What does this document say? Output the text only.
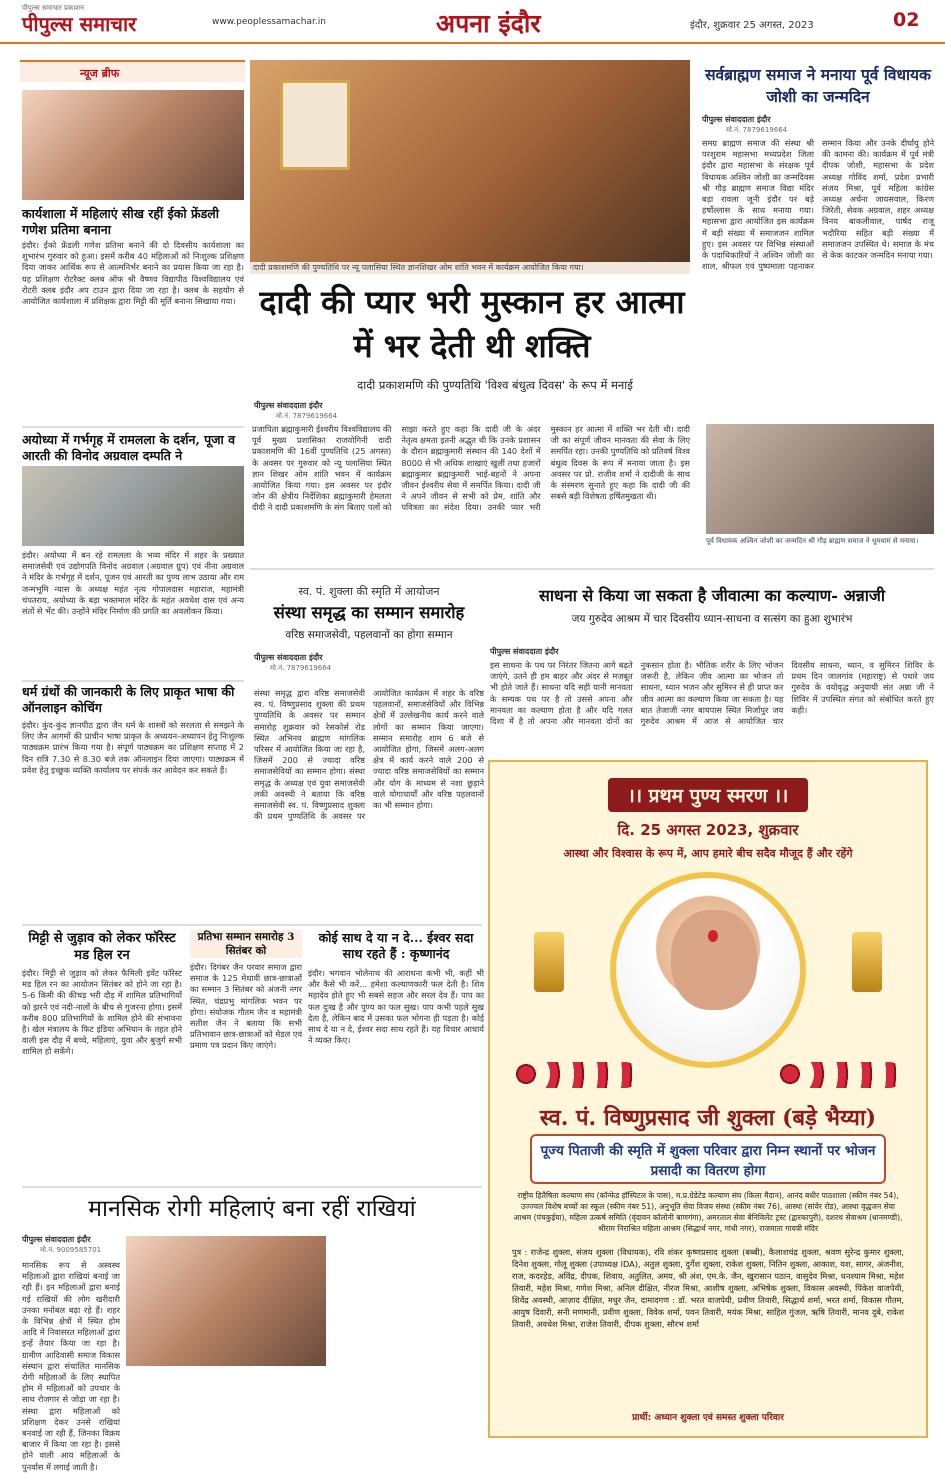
पीपुल्स समाचार प्रकाशन
पीपुल्स समाचार	www.peoplessamachar.in	अपना इंदौर	इंदौर, शुक्रवार 25 अगस्त, 2023	02
न्यूज ब्रीफ
कार्यशाला में महिलाएं सीख रहीं ईको फ्रेंडली गणेश प्रतिमा बनाना
इंदौर। ईको फ्रेंडली गणेश प्रतिमा बनाने की दो दिवसीय कार्यशाला का शुभारंभ गुरुवार को हुआ। इसमें करीब 40 महिलाओं को निःशुल्क प्रशिक्षण दिया जाकर आर्थिक रूप से आत्मनिर्भर बनाने का प्रयास किया जा रहा है। यह प्रशिक्षण रोटरैक्ट क्लब ऑफ श्री वैष्णव विद्यापीठ विश्वविद्यालय एवं रोटरी क्लब इंदौर अप टाउन द्वारा दिया जा रहा है। क्लब के सहयोग से आयोजित कार्यशाला में प्रशिक्षक द्वारा मिट्टी की मूर्ति बनाना सिखाया गया।
अयोध्या में गर्भगृह में रामलला के दर्शन, पूजा व आरती की विनोद अग्रवाल दम्पति ने
इंदौर। अयोध्या में बन रहे रामलला के भव्य मंदिर में शहर के प्रख्यात समाजसेवी एवं उद्योगपति विनोद अग्रवाल (अग्रवाल ग्रुप) एवं नीना अग्रवाल ने मंदिर के गर्भगृह में दर्शन, पूजन एवं आरती का पुण्य लाभ उठाया और राम जन्मभूमि न्यास के अध्यक्ष महंत नृत्य गोपालदास महाराज, महामंत्री चंपतराय, अयोध्या के बड़ा भक्तमाल मंदिर के महंत अवधेश दास एवं अन्य संतों से भेंट की। उन्होंने मंदिर निर्माण की प्रगति का अवलोकन किया।
धर्म ग्रंथों की जानकारी के लिए प्राकृत भाषा की ऑनलाइन कोचिंग
इंदौर। कुंद-कुंद ज्ञानपीठ द्वारा जैन धर्म के शास्त्रों को सरलता से समझने के लिए जैन आगमों की प्राचीन भाषा प्राकृत के अध्ययन-अध्यापन हेतु निःशुल्क पाठ्यक्रम प्रारंभ किया गया है। संपूर्ण पाठ्यक्रम का प्रशिक्षण सप्ताह में 2 दिन रात्रि 7.30 से 8.30 बजे तक ऑनलाइन दिया जाएगा। पाठ्यक्रम में प्रवेश हेतु इच्छुक व्यक्ति कार्यालय पर संपर्क कर आवेदन कर सकते हैं।
दादी प्रकाशमणि की पुण्यतिथि पर न्यू पलासिया स्थित ज्ञानशिखर ओम शांति भवन में कार्यक्रम आयोजित किया गया।
दादी की प्यार भरी मुस्कान हर आत्मा में भर देती थी शक्ति
दादी प्रकाशमणि की पुण्यतिथि 'विश्व बंधुत्व दिवस' के रूप में मनाई
पीपुल्स संवाददाता इंदौर
मो.नं. 7879619664
प्रजापिता ब्रह्माकुमारी ईश्वरीय विश्वविद्यालय की पूर्व मुख्य प्रशासिका राजयोगिनी दादी प्रकाशमणि की 16वीं पुण्यतिथि (25 अगस्त) के अवसर पर गुरुवार को न्यू पलासिया स्थित ज्ञान शिखर ओम शांति भवन में कार्यक्रम आयोजित किया गया। इस अवसर पर इंदौर जोन की क्षेत्रीय निर्देशिका ब्रह्माकुमारी हेमलता दीदी ने दादी प्रकाशमणि के संग बिताए पलों को साझा करते हुए कहा कि दादी जी के अंदर नेतृत्व क्षमता इतनी अद्भुत थी कि उनके प्रशासन के दौरान ब्रह्माकुमारी संस्थान की 140 देशों में 8000 से भी अधिक शाखाएं खुलीं तथा हजारों ब्रह्माकुमार ब्रह्माकुमारी भाई-बहनों ने अपना जीवन ईश्वरीय सेवा में समर्पित किया। दादी जी ने अपने जीवन से सभी को प्रेम, शांति और पवित्रता का संदेश दिया। उनकी प्यार भरी मुस्कान हर आत्मा में शक्ति भर देती थी। दादी जी का संपूर्ण जीवन मानवता की सेवा के लिए समर्पित रहा। उनकी पुण्यतिथि को प्रतिवर्ष विश्व बंधुत्व दिवस के रूप में मनाया जाता है। इस अवसर पर प्रो. राजीव शर्मा ने दादीजी के साथ के संस्मरण सुनाते हुए कहा कि दादी जी की सबसे बड़ी विशेषता हर्षितमुखता थी।
सर्वब्राह्मण समाज ने मनाया पूर्व विधायक जोशी का जन्मदिन
पीपुल्स संवाददाता इंदौर
मो.नं. 7879619664
समग्र ब्राह्मण समाज की संस्था श्री परशुराम महासभा मध्यप्रदेश जिला इंदौर द्वारा महासभा के संरक्षक पूर्व विधायक अश्विन जोशी का जन्मदिवस श्री गौड़ ब्राह्मण समाज विद्या मंदिर बड़ा रावला जूनी इंदौर पर बड़े हर्षोल्लास के साथ मनाया गया। महासभा द्वारा आयोजित इस कार्यक्रम में बड़ी संख्या में समाजजन शामिल हुए। इस अवसर पर विभिन्न संस्थाओं के पदाधिकारियों ने अश्विन जोशी का शाल, श्रीफल एवं पुष्पमाला पहनाकर सम्मान किया और उनके दीर्घायु होने की कामना की। कार्यक्रम में पूर्व मंत्री दीपक जोशी, महासभा के प्रदेश अध्यक्ष गोविंद शर्मा, प्रदेश प्रभारी संजय मिश्रा, पूर्व महिला कांग्रेस अध्यक्ष अर्चना जायसवाल, किरण जिरेती, सेवक अग्रवाल, शहर अध्यक्ष विनय बाकलीवाल, पार्षद राजू भदौरिया सहित बड़ी संख्या में समाजजन उपस्थित थे। समाज के मंच से केक काटकर जन्मदिन मनाया गया।
पूर्व विधायक अश्विन जोशी का जन्मदिन श्री गौड़ ब्राह्मण समाज ने धूमधाम से मनाया।
स्व. पं. शुक्ला की स्मृति में आयोजन
संस्था समृद्ध का सम्मान समारोह
वरिष्ठ समाजसेवी, पहलवानों का होगा सम्मान
पीपुल्स संवाददाता इंदौर
मो.नं. 7879619664
संस्था समृद्ध द्वारा वरिष्ठ समाजसेवी स्व. पं. विष्णुप्रसाद शुक्ला की प्रथम पुण्यतिथि के अवसर पर सम्मान समारोह शुक्रवार को रेसकोर्स रोड स्थित अभिनव ब्राह्मण मांगलिक परिसर में आयोजित किया जा रहा है, जिसमें 200 से ज्यादा वरिष्ठ समाजसेवियों का सम्मान होगा। संस्था समृद्ध के अध्यक्ष एवं युवा समाजसेवी लकी अवस्थी ने बताया कि वरिष्ठ समाजसेवी स्व. पं. विष्णुप्रसाद शुक्ला की प्रथम पुण्यतिथि के अवसर पर आयोजित कार्यक्रम में शहर के वरिष्ठ पहलवानों, समाजसेवियों और विभिन्न क्षेत्रों में उल्लेखनीय कार्य करने वाले लोगों का सम्मान किया जाएगा। सम्मान समारोह शाम 6 बजे से आयोजित होगा, जिसमें अलग-अलग क्षेत्र में कार्य करने वाले 200 से ज्यादा वरिष्ठ समाजसेवियों का सम्मान और योग के माध्यम से नशा छुड़ाने वाले योगाचार्यों और वरिष्ठ पहलवानों का भी सम्मान होगा।
साधना से किया जा सकता है जीवात्मा का कल्याण- अन्नाजी
जय गुरुदेव आश्रम में चार दिवसीय ध्यान-साधना व सत्संग का हुआ शुभारंभ
पीपुल्स संवाददाता इंदौर
इस साधना के पथ पर निरंतर जितना आगे बढ़ते जाएंगे, उतने ही हम बाहर और अंदर से मजबूत भी होते जाते हैं। साधना यदि सही यानी मानवता के सम्यक पथ पर है तो उससे अपना और मानवता का कल्याण होता है और यदि गलत दिशा में है तो अपना और मानवता दोनों का नुकसान होता है। भौतिक शरीर के लिए भोजन जरूरी है, लेकिन जीव आत्मा का भोजन तो साधना, ध्यान भजन और सुमिरन से ही प्राप्त कर जीव आत्मा का कल्याण किया जा सकता है। यह बात तेजाजी नगर बायपास स्थित मिर्जापुर जय गुरुदेव आश्रम में आज से आयोजित चार दिवसीय साधना, ध्यान, व सुमिरन शिविर के प्रथम दिन जालगांव (महाराष्ट्र) से पधारे जय गुरुदेव के वयोवृद्ध अनुयायी संत अन्ना जी ने शिविर में उपस्थित संगत को संबोधित करते हुए कही।
।। प्रथम पुण्य स्मरण ।।
दि. 25 अगस्त 2023, शुक्रवार
आस्था और विश्वास के रूप में, आप हमारे बीच सदैव मौजूद हैं और रहेंगे
स्व. पं. विष्णुप्रसाद जी शुक्ला (बड़े भैय्या)
पूज्य पिताजी की स्मृति में शुक्ला परिवार द्वारा निम्न स्थानों पर भोजन प्रसादी का वितरण होगा
राष्ट्रीय हितैषिता कल्याण संघ (कॉन्फेड हॉस्पिटल के पास), म.प्र.ग्रेडेटेड कल्याण संघ (किला मैदान), आनंद बधीर पाठशाला (स्कीम नंबर 54), उज्ज्वल विशेष बच्चों का स्कूल (स्कीम नंबर 51), अनुभूति सेवा विजय संस्था (स्कीम नंबर 76), आस्था (सांवेर रोड), आस्था वृद्धजन सेवा आश्रम (पंचकुईया), महिला उत्कर्ष समिति (वृंदावन कॉलोनी बाणगंगा), अमरताल सेवा बेनिविलेंट ट्रस्ट (द्वारकापुरी), दशरथ सेवाश्रम (धानमण्डी), श्रीराम निराश्रित महिला आश्रम (सिद्धार्थ नगर, गांधी नगर), राजमाता गायत्री मंदिर
पुत्र : राजेन्द्र शुक्ला, संजय शुक्ला (विधायक), रवि शंकर कृष्णप्रसाद शुक्ला (बब्बी), कैलाशचंद्र शुक्ला, श्रवण सुरेन्द्र कुमार शुक्ला, दिनेश शुक्ला, गोलू शुक्ला (उपाध्यक्ष IDA), अतुल शुक्ला, दुर्गेश शुक्ला, राकेश शुक्ला, नितिन शुक्ला, आकाश, यश, सागर, अंजनीश, राज, कदरहेड, अविंद्र, दीपक, शिवाय, अतुलित, अमय, श्री अंश, एम.के. जैन, खुरासान पठान, वासुदेव मिश्रा, धनश्याम मिश्रा, महेश तिवारी, महेश मिश्रा, गणेश मिश्रा, अनिल दीक्षित, नीरज मिश्रा, आशीष शुक्ला, अभिषेक शुक्ला, विकास अवस्थी, पिंकेश वाजपेयी, शिवेंद्र अवस्थी, आज़ाद दीक्षित, मधुर जैन, दामादगण : डॉ. भरत वाजपेयी, प्रवीण तिवारी, सिद्धार्थ शर्मा, भरत शर्मा, विकास गौतम, आयुष दिवारी, सनी मणमानी, प्रवीण शुक्ला, विवेक शर्मा, पवन तिवारी, मयंक मिश्रा, साहिल गुंजल, ऋषि तिवारी, मानव दुबे, राकेश तिवारी, अवधेश मिश्रा, राजेश तिवारी, दीपक शुक्ला, सौरभ शर्मा
प्रार्थी: अध्यान शुक्ला एवं समस्त शुक्ला परिवार
मिट्टी से जुड़ाव को लेकर फॉरेस्ट मड हिल रन
इंदौर। मिट्टी से जुड़ाव को लेकर फैमिली इवेंट फॉरेस्ट मड हिल रन का आयोजन सितंबर को होने जा रहा है। 5-6 किमी की कीचड़ भरी दौड़ में शामिल प्रतिभागियों को झरने एवं नदी-नालों के बीच से गुजरना होगा। इसमें करीब 800 प्रतिभागियों के शामिल होने की संभावना है। खेल मंत्रालय के फिट इंडिया अभियान के तहत होने वाली इस दौड़ में बच्चे, महिलाएं, युवा और बुजुर्ग सभी शामिल हो सकेंगे।
प्रतिभा सम्मान समारोह 3 सितंबर को
इंदौर। दिगंबर जैन परवार समाज द्वारा समाज के 125 मेधावी छात्र-छात्राओं का सम्मान 3 सितंबर को अंजनी नगर स्थित, चंद्रप्रभु मांगलिक भवन पर होगा। संयोजक गौतम जैन व महामंत्री सतीश जैन ने बताया कि सभी प्रतिभावान छात्र-छात्राओं को मेडल एवं प्रमाण पत्र प्रदान किए जाएंगे।
कोई साथ दे या न दे... ईश्वर सदा साथ रहते हैं : कृष्णानंद
इंदौर। भगवान भोलेनाथ की आराधना कभी भी, कहीं भी और कैसे भी करें... हमेशा कल्याणकारी फल देती है। शिव महादेव होते हुए भी सबसे सहज और सरल देव हैं। पाप का फल दुःख है और पुण्य का फल सुख। पाप कभी पहले सुख देता है, लेकिन बाद में उसका फल भोगना ही पड़ता है। कोई साथ दे या न दे, ईश्वर सदा साथ रहते हैं। यह विचार आचार्य ने व्यक्त किए।
मानसिक रोगी महिलाएं बना रहीं राखियां
पीपुल्स संवाददाता इंदौर
मो.नं. 9009585701
मानसिक रूप से अस्वस्थ महिलाओं द्वारा राखियां बनाई जा रही हैं। इन महिलाओं द्वारा बनाई गई राखियों की लोग खरीदारी उनका मनोबल बढ़ा रहे हैं। शहर के विभिन्न क्षेत्रों में स्थित होम आदि में निवासरत महिलाओं द्वारा इन्हें तैयार किया जा रहा है। ग्रामीण आदिवासी समाज विकास संस्थान द्वारा संचालित मानसिक रोगी महिलाओं के लिए स्थापित होम में महिलाओं को उपचार के साथ रोजगार से जोड़ा जा रहा है। संस्था द्वारा महिलाओं को प्रशिक्षण देकर उनसे राखियां बनवाई जा रही हैं, जिनका विक्रय बाजार में किया जा रहा है। इससे होने वाली आय महिलाओं के पुनर्वास में लगाई जाती है।
